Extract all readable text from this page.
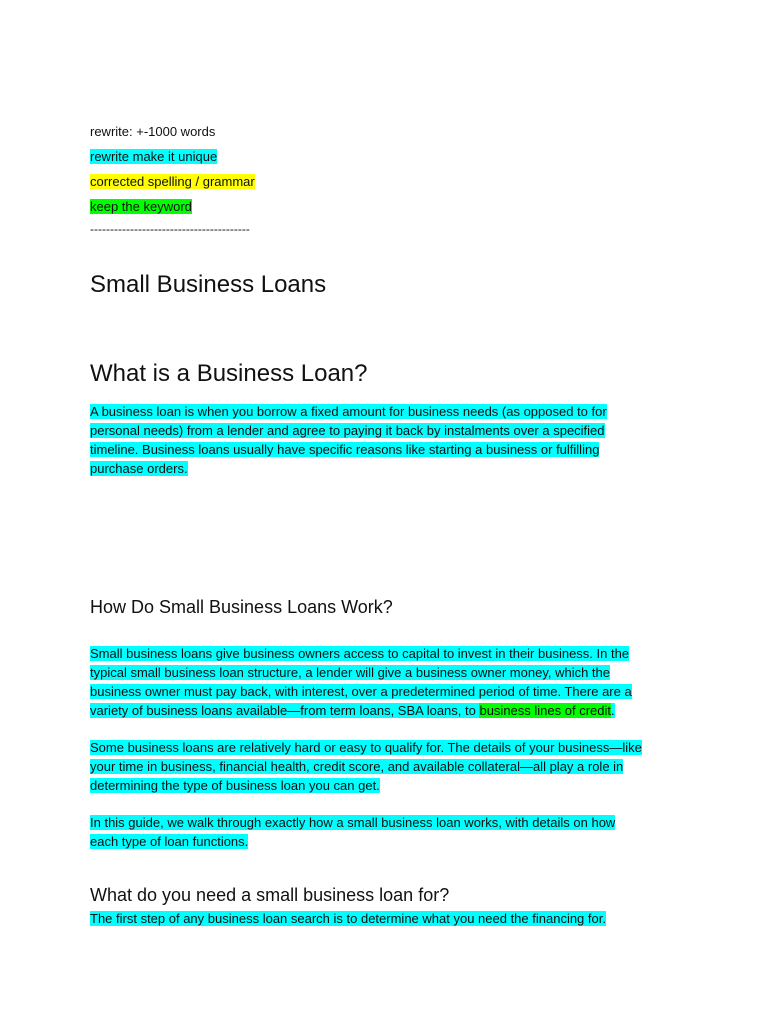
rewrite: +-1000 words
rewrite make it unique
corrected spelling / grammar
keep the keyword
----------------------------------------
Small Business Loans
What is a Business Loan?
A business loan is when you borrow a fixed amount for business needs (as opposed to for
personal needs) from a lender and agree to paying it back by instalments over a specified
timeline. Business loans usually have specific reasons like starting a business or fulfilling
purchase orders.
How Do Small Business Loans Work?
Small business loans give business owners access to capital to invest in their business. In the
typical small business loan structure, a lender will give a business owner money, which the
business owner must pay back, with interest, over a predetermined period of time. There are a
variety of business loans available—from term loans, SBA loans, to business lines of credit.
Some business loans are relatively hard or easy to qualify for. The details of your business—like
your time in business, financial health, credit score, and available collateral—all play a role in
determining the type of business loan you can get.
In this guide, we walk through exactly how a small business loan works, with details on how
each type of loan functions.
What do you need a small business loan for?
The first step of any business loan search is to determine what you need the financing for.
